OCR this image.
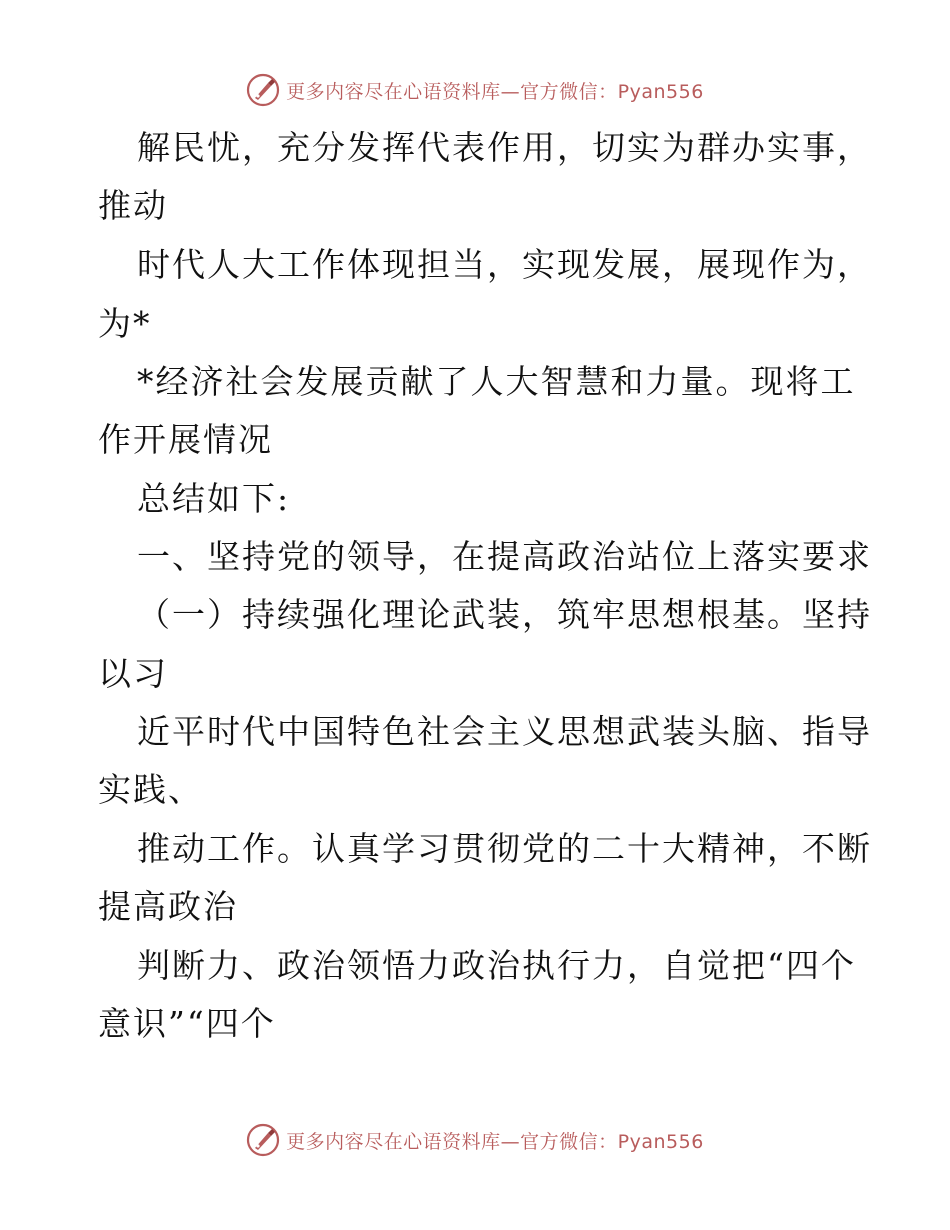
更多内容尽在心语资料库—官方微信：Pyan556
解民忧，充分发挥代表作用，切实为群办实事，
推动
时代人大工作体现担当，实现发展，展现作为，
为*
*经济社会发展贡献了人大智慧和力量。现将工
作开展情况
总结如下:
一、坚持党的领导，在提高政治站位上落实要求
（一）持续强化理论武装，筑牢思想根基。坚持
以习
近平时代中国特色社会主义思想武装头脑、指导
实践、
推动工作。认真学习贯彻党的二十大精神，不断
提高政治
判断力、政治领悟力政治执行力，自觉把“四个
意识”“四个
更多内容尽在心语资料库—官方微信：Pyan556
